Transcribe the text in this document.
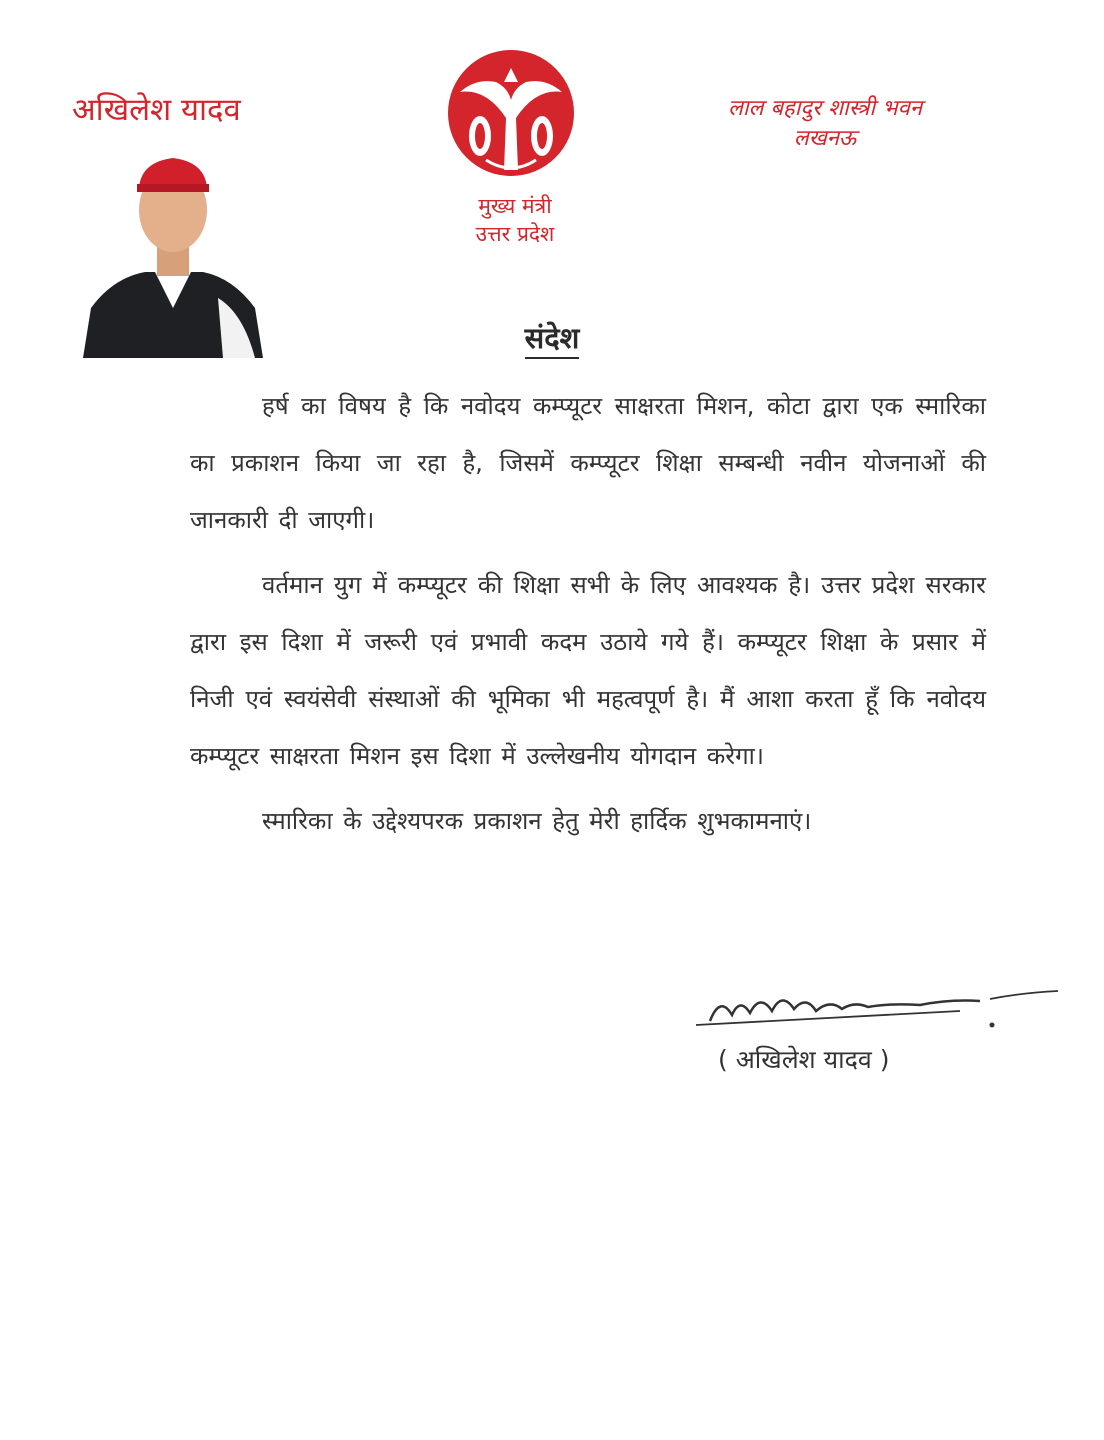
अखिलेश यादव
मुख्य मंत्री
उत्तर प्रदेश
लाल बहादुर शास्त्री भवन
लखनऊ
संदेश

हर्ष का विषय है कि नवोदय कम्प्यूटर साक्षरता मिशन, कोटा द्वारा एक स्मारिका का प्रकाशन किया जा रहा है, जिसमें कम्प्यूटर शिक्षा सम्बन्धी नवीन योजनाओं की जानकारी दी जाएगी।

वर्तमान युग में कम्प्यूटर की शिक्षा सभी के लिए आवश्यक है। उत्तर प्रदेश सरकार द्वारा इस दिशा में जरूरी एवं प्रभावी कदम उठाये गये हैं। कम्प्यूटर शिक्षा के प्रसार में निजी एवं स्वयंसेवी संस्थाओं की भूमिका भी महत्वपूर्ण है। मैं आशा करता हूँ कि नवोदय कम्प्यूटर साक्षरता मिशन इस दिशा में उल्लेखनीय योगदान करेगा।

स्मारिका के उद्देश्यपरक प्रकाशन हेतु मेरी हार्दिक शुभकामनाएं।

( अखिलेश यादव )
